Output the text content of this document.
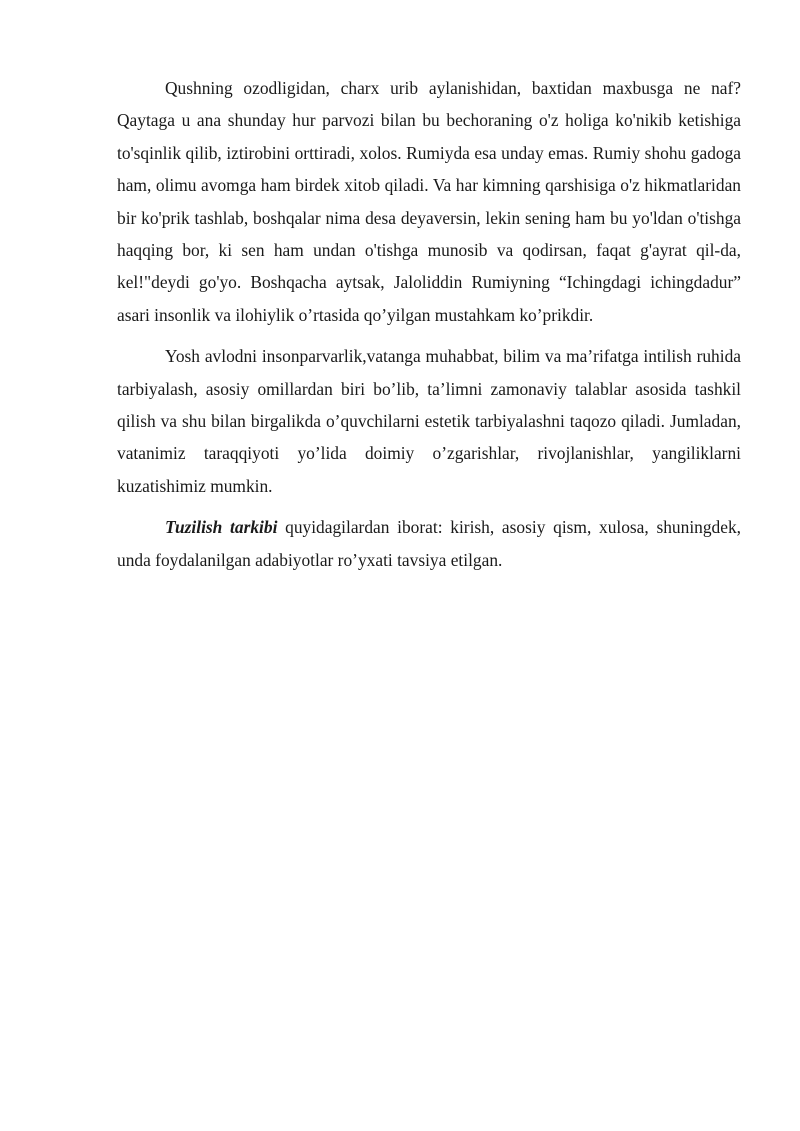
Qushning ozodligidan, charx urib aylanishidan, baxtidan maxbusga ne naf? Qaytaga u ana shunday hur parvozi bilan bu bechoraning o'z holiga ko'nikib ketishiga to'sqinlik qilib, iztirobini orttiradi, xolos. Rumiyda esa unday emas. Rumiy shohu gadoga ham, olimu avomga ham birdek xitob qiladi. Va har kimning qarshisiga o'z hikmatlaridan bir ko'prik tashlab, boshqalar nima desa deyaversin, lekin sening ham bu yo'ldan o'tishga haqqing bor, ki sen ham undan o'tishga munosib va qodirsan, faqat g'ayrat qil-da, kel!"deydi go'yo. Boshqacha aytsak, Jaloliddin Rumiyning “Ichingdagi ichingdadur” asari insonlik va ilohiylik o’rtasida qo’yilgan mustahkam ko’prikdir.

Yosh avlodni insonparvarlik,vatanga muhabbat, bilim va ma’rifatga intilish ruhida tarbiyalash, asosiy omillardan biri bo’lib, ta’limni zamonaviy talablar asosida tashkil qilish va shu bilan birgalikda o’quvchilarni estetik tarbiyalashni taqozo qiladi. Jumladan, vatanimiz taraqqiyoti yo’lida doimiy o’zgarishlar, rivojlanishlar, yangiliklarni kuzatishimiz mumkin.

Tuzilish tarkibi quyidagilardan iborat: kirish, asosiy qism, xulosa, shuningdek, unda foydalanilgan adabiyotlar ro’yxati tavsiya etilgan.
